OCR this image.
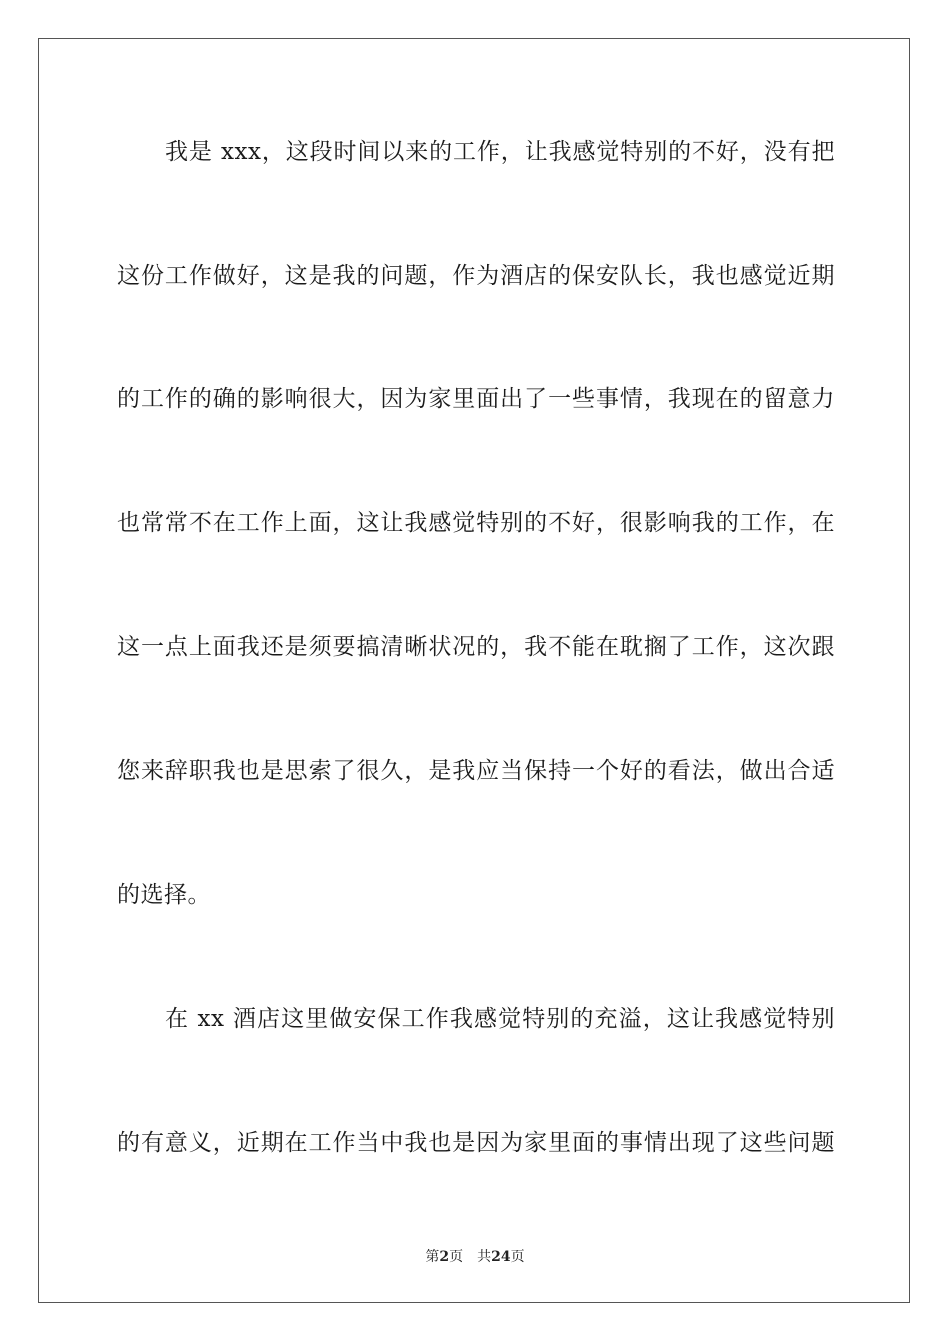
我是 xxx，这段时间以来的工作，让我感觉特别的不好，没有把
这份工作做好，这是我的问题，作为酒店的保安队长，我也感觉近期
的工作的确的影响很大，因为家里面出了一些事情，我现在的留意力
也常常不在工作上面，这让我感觉特别的不好，很影响我的工作，在
这一点上面我还是须要搞清晰状况的，我不能在耽搁了工作，这次跟
您来辞职我也是思索了很久，是我应当保持一个好的看法，做出合适
的选择。
在 xx 酒店这里做安保工作我感觉特别的充溢，这让我感觉特别
的有意义，近期在工作当中我也是因为家里面的事情出现了这些问题
第2页 共24页
